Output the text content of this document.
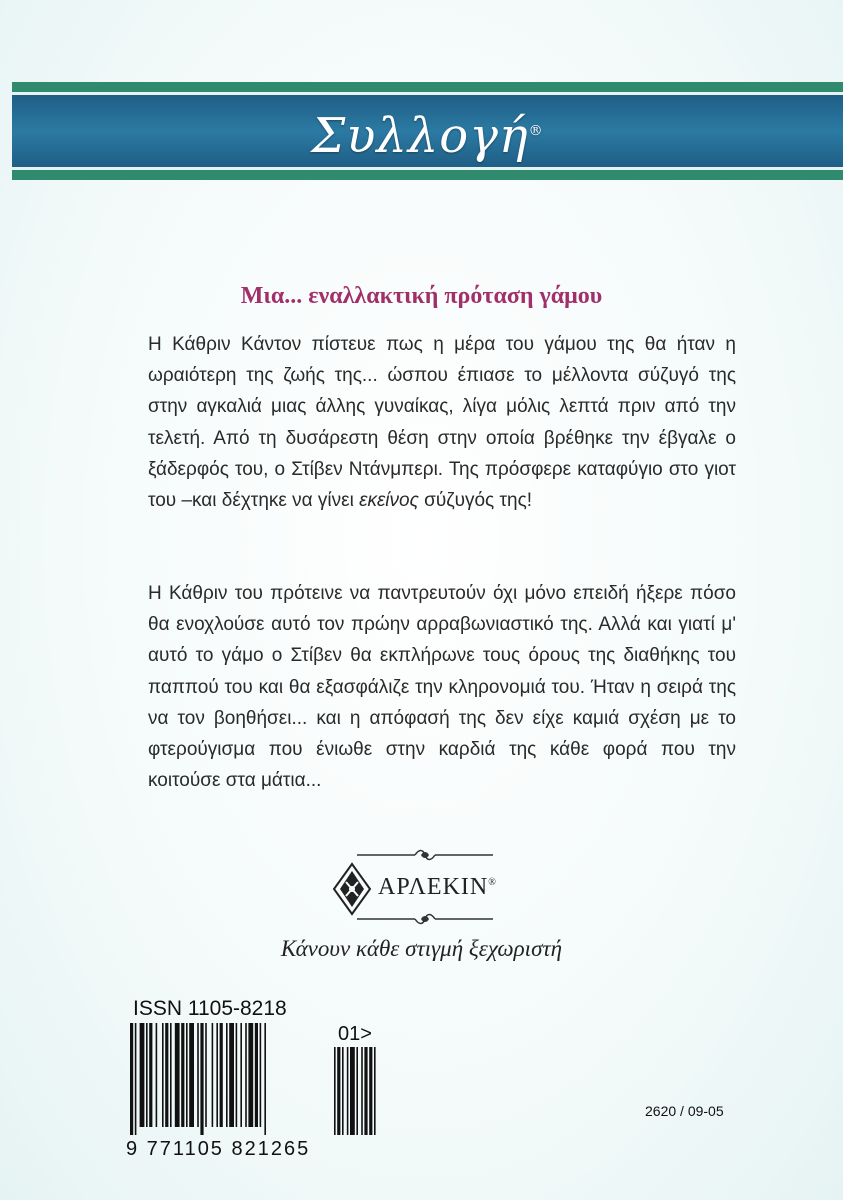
Συλλογή®
Μια... εναλλακτική πρόταση γάμου

Η Κάθριν Κάντον πίστευε πως η μέρα του γάμου της θα ήταν η ωραιότερη της ζωής της... ώσπου έπιασε το μέλλοντα σύζυγό της στην αγκαλιά μιας άλλης γυναίκας, λίγα μόλις λεπτά πριν από την τελετή. Από τη δυσάρεστη θέση στην οποία βρέθηκε την έβγαλε ο ξάδερφός του, ο Στίβεν Ντάνμπερι. Της πρόσφερε καταφύγιο στο γιοτ του –και δέχτηκε να γίνει εκείνος σύζυγός της!

Η Κάθριν του πρότεινε να παντρευτούν όχι μόνο επειδή ήξερε πόσο θα ενοχλούσε αυτό τον πρώην αρραβωνιαστικό της. Αλλά και γιατί μ' αυτό το γάμο ο Στίβεν θα εκπλήρωνε τους όρους της διαθήκης του παππού του και θα εξασφάλιζε την κληρονομιά του. Ήταν η σειρά της να τον βοηθήσει... και η απόφασή της δεν είχε καμιά σχέση με το φτερούγισμα που ένιωθε στην καρδιά της κάθε φορά που την κοιτούσε στα μάτια...

ΑΡΛΕΚΙΝ®
Κάνουν κάθε στιγμή ξεχωριστή
ISSN 1105-8218
9 771105 821265
01>
2620 / 09-05
